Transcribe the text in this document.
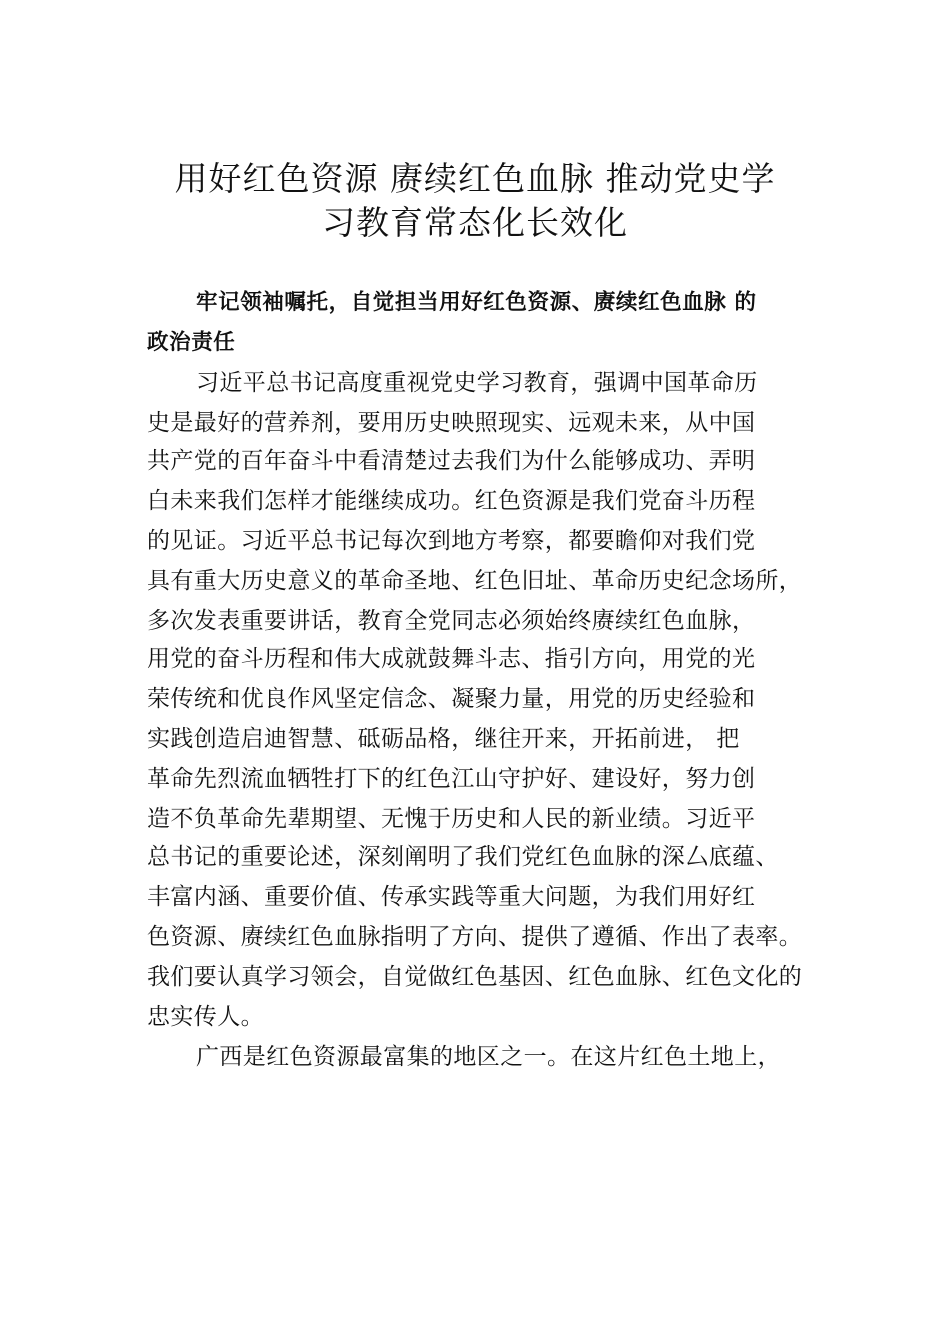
用好红色资源 赓续红色血脉 推动党史学
习教育常态化长效化
牢记领袖嘱托，自觉担当用好红色资源、赓续红色血脉 的
政治责任
习近平总书记高度重视党史学习教育，强调中国革命历
史是最好的营养剂，要用历史映照现实、远观未来，从中国
共产党的百年奋斗中看清楚过去我们为什么能够成功、弄明
白未来我们怎样才能继续成功。红色资源是我们党奋斗历程
的见证。习近平总书记每次到地方考察，都要瞻仰对我们党
具有重大历史意义的革命圣地、红色旧址、革命历史纪念场所，
多次发表重要讲话，教育全党同志必须始终赓续红色血脉，
用党的奋斗历程和伟大成就鼓舞斗志、指引方向，用党的光
荣传统和优良作风坚定信念、凝聚力量，用党的历史经验和
实践创造启迪智慧、砥砺品格，继往开来，开拓前进， 把
革命先烈流血牺牲打下的红色江山守护好、建设好，努力创
造不负革命先辈期望、无愧于历史和人民的新业绩。习近平
总书记的重要论述，深刻阐明了我们党红色血脉的深厶底蕴、
丰富内涵、重要价值、传承实践等重大问题，为我们用好红
色资源、赓续红色血脉指明了方向、提供了遵循、作出了表率。
我们要认真学习领会，自觉做红色基因、红色血脉、红色文化的
忠实传人。
广西是红色资源最富集的地区之一。在这片红色土地上，
